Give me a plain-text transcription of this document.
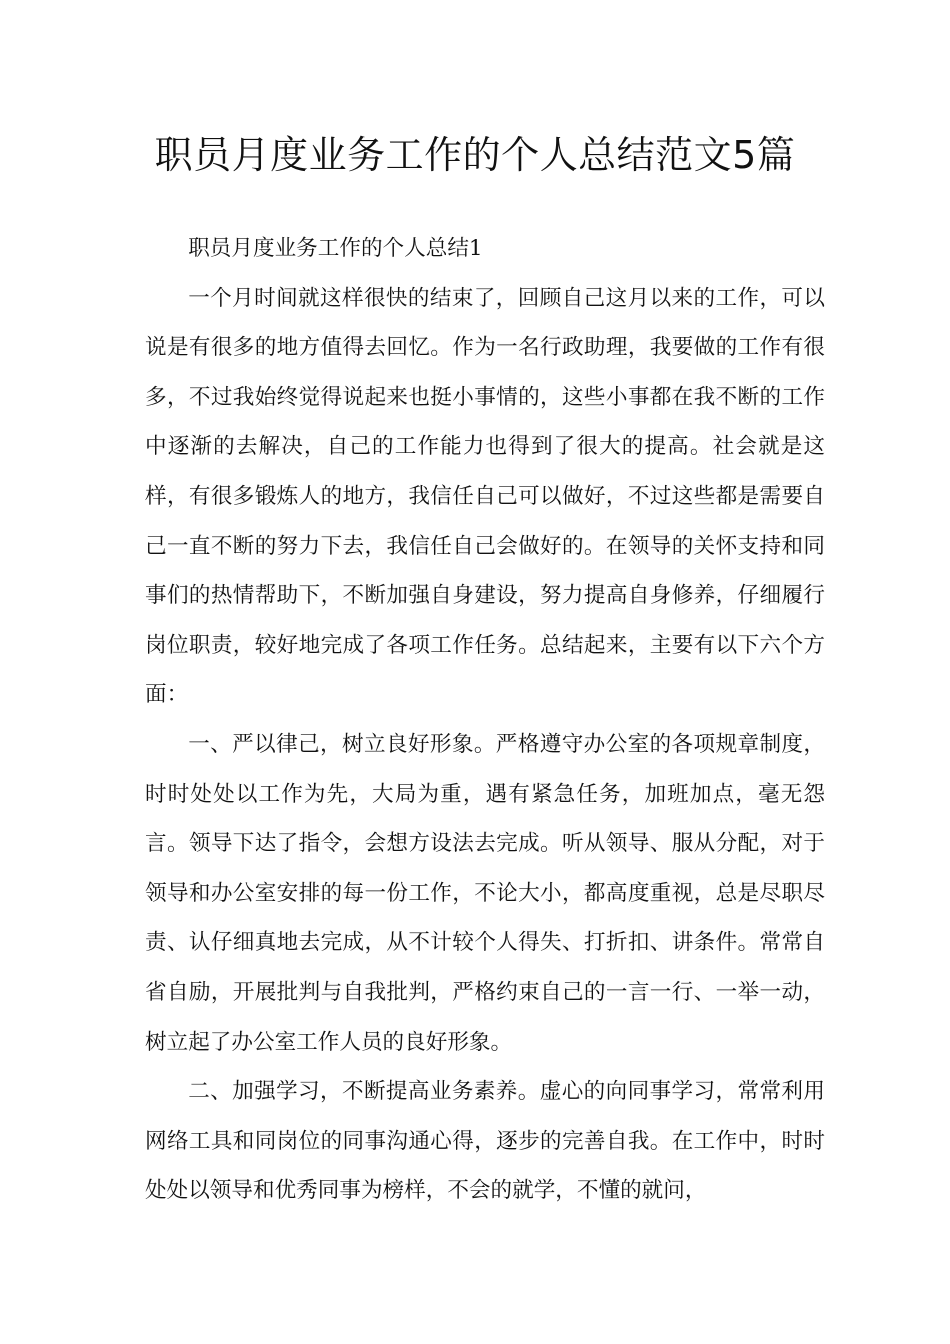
职员月度业务工作的个人总结范文5篇

职员月度业务工作的个人总结1

一个月时间就这样很快的结束了，回顾自己这月以来的工作，可以说是有很多的地方值得去回忆。作为一名行政助理，我要做的工作有很多，不过我始终觉得说起来也挺小事情的，这些小事都在我不断的工作中逐渐的去解决，自己的工作能力也得到了很大的提高。社会就是这样，有很多锻炼人的地方，我信任自己可以做好，不过这些都是需要自己一直不断的努力下去，我信任自己会做好的。在领导的关怀支持和同事们的热情帮助下，不断加强自身建设，努力提高自身修养，仔细履行岗位职责，较好地完成了各项工作任务。总结起来，主要有以下六个方面：

一、严以律己，树立良好形象。严格遵守办公室的各项规章制度，时时处处以工作为先，大局为重，遇有紧急任务，加班加点，毫无怨言。领导下达了指令，会想方设法去完成。听从领导、服从分配，对于领导和办公室安排的每一份工作，不论大小，都高度重视，总是尽职尽责、认仔细真地去完成，从不计较个人得失、打折扣、讲条件。常常自省自励，开展批判与自我批判，严格约束自己的一言一行、一举一动，树立起了办公室工作人员的良好形象。

二、加强学习，不断提高业务素养。虚心的向同事学习，常常利用网络工具和同岗位的同事沟通心得，逐步的完善自我。在工作中，时时处处以领导和优秀同事为榜样，不会的就学，不懂的就问，
